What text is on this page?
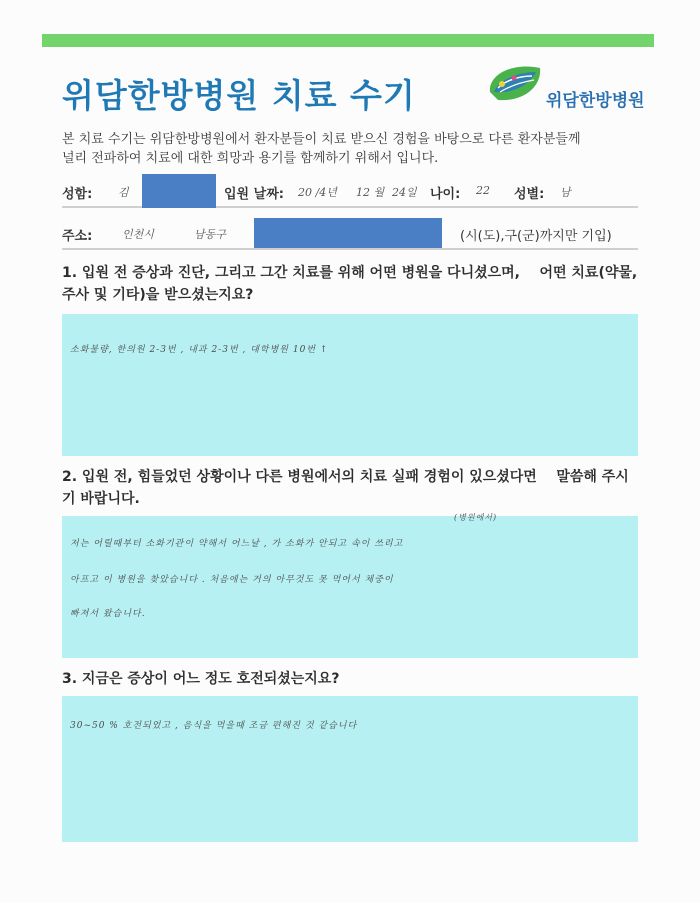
위담한방병원 치료 수기	위담한방병원
본 치료 수기는 위담한방병원에서 환자분들이 치료 받으신 경험을 바탕으로 다른 환자분들께
널리 전파하여 치료에 대한 희망과 용기를 함께하기 위해서 입니다.
성함: 김	입원 날짜: 20 /4년 12 월 24일 나이: 22 성별: 남
주소:	인천시	남동구	(시(도),구(군)까지만 기입)
1. 입원 전 증상과 진단, 그리고 그간 치료를 위해 어떤 병원을 다니셨으며,    어떤 치료(약물, 주사 및 기타)을 받으셨는지요?
소화불량, 한의원 2-3번 , 내과 2-3번 , 대학병원 10번 ↑
2. 입원 전, 힘들었던 상황이나 다른 병원에서의 치료 실패 경험이 있으셨다면    말씀해 주시기 바랍니다.
(병원에서)
저는 어릴때부터 소화기관이 약해서 어느날 , 가 소화가 안되고 속이 쓰리고
아프고 이 병원을 찾았습니다 . 처음에는 거의 아무것도 못 먹어서 체중이
빠져서 왔습니다.
3. 지금은 증상이 어느 정도 호전되셨는지요?
30~50 % 호전되었고 , 음식을 먹을때 조금 편해진 것 같습니다
